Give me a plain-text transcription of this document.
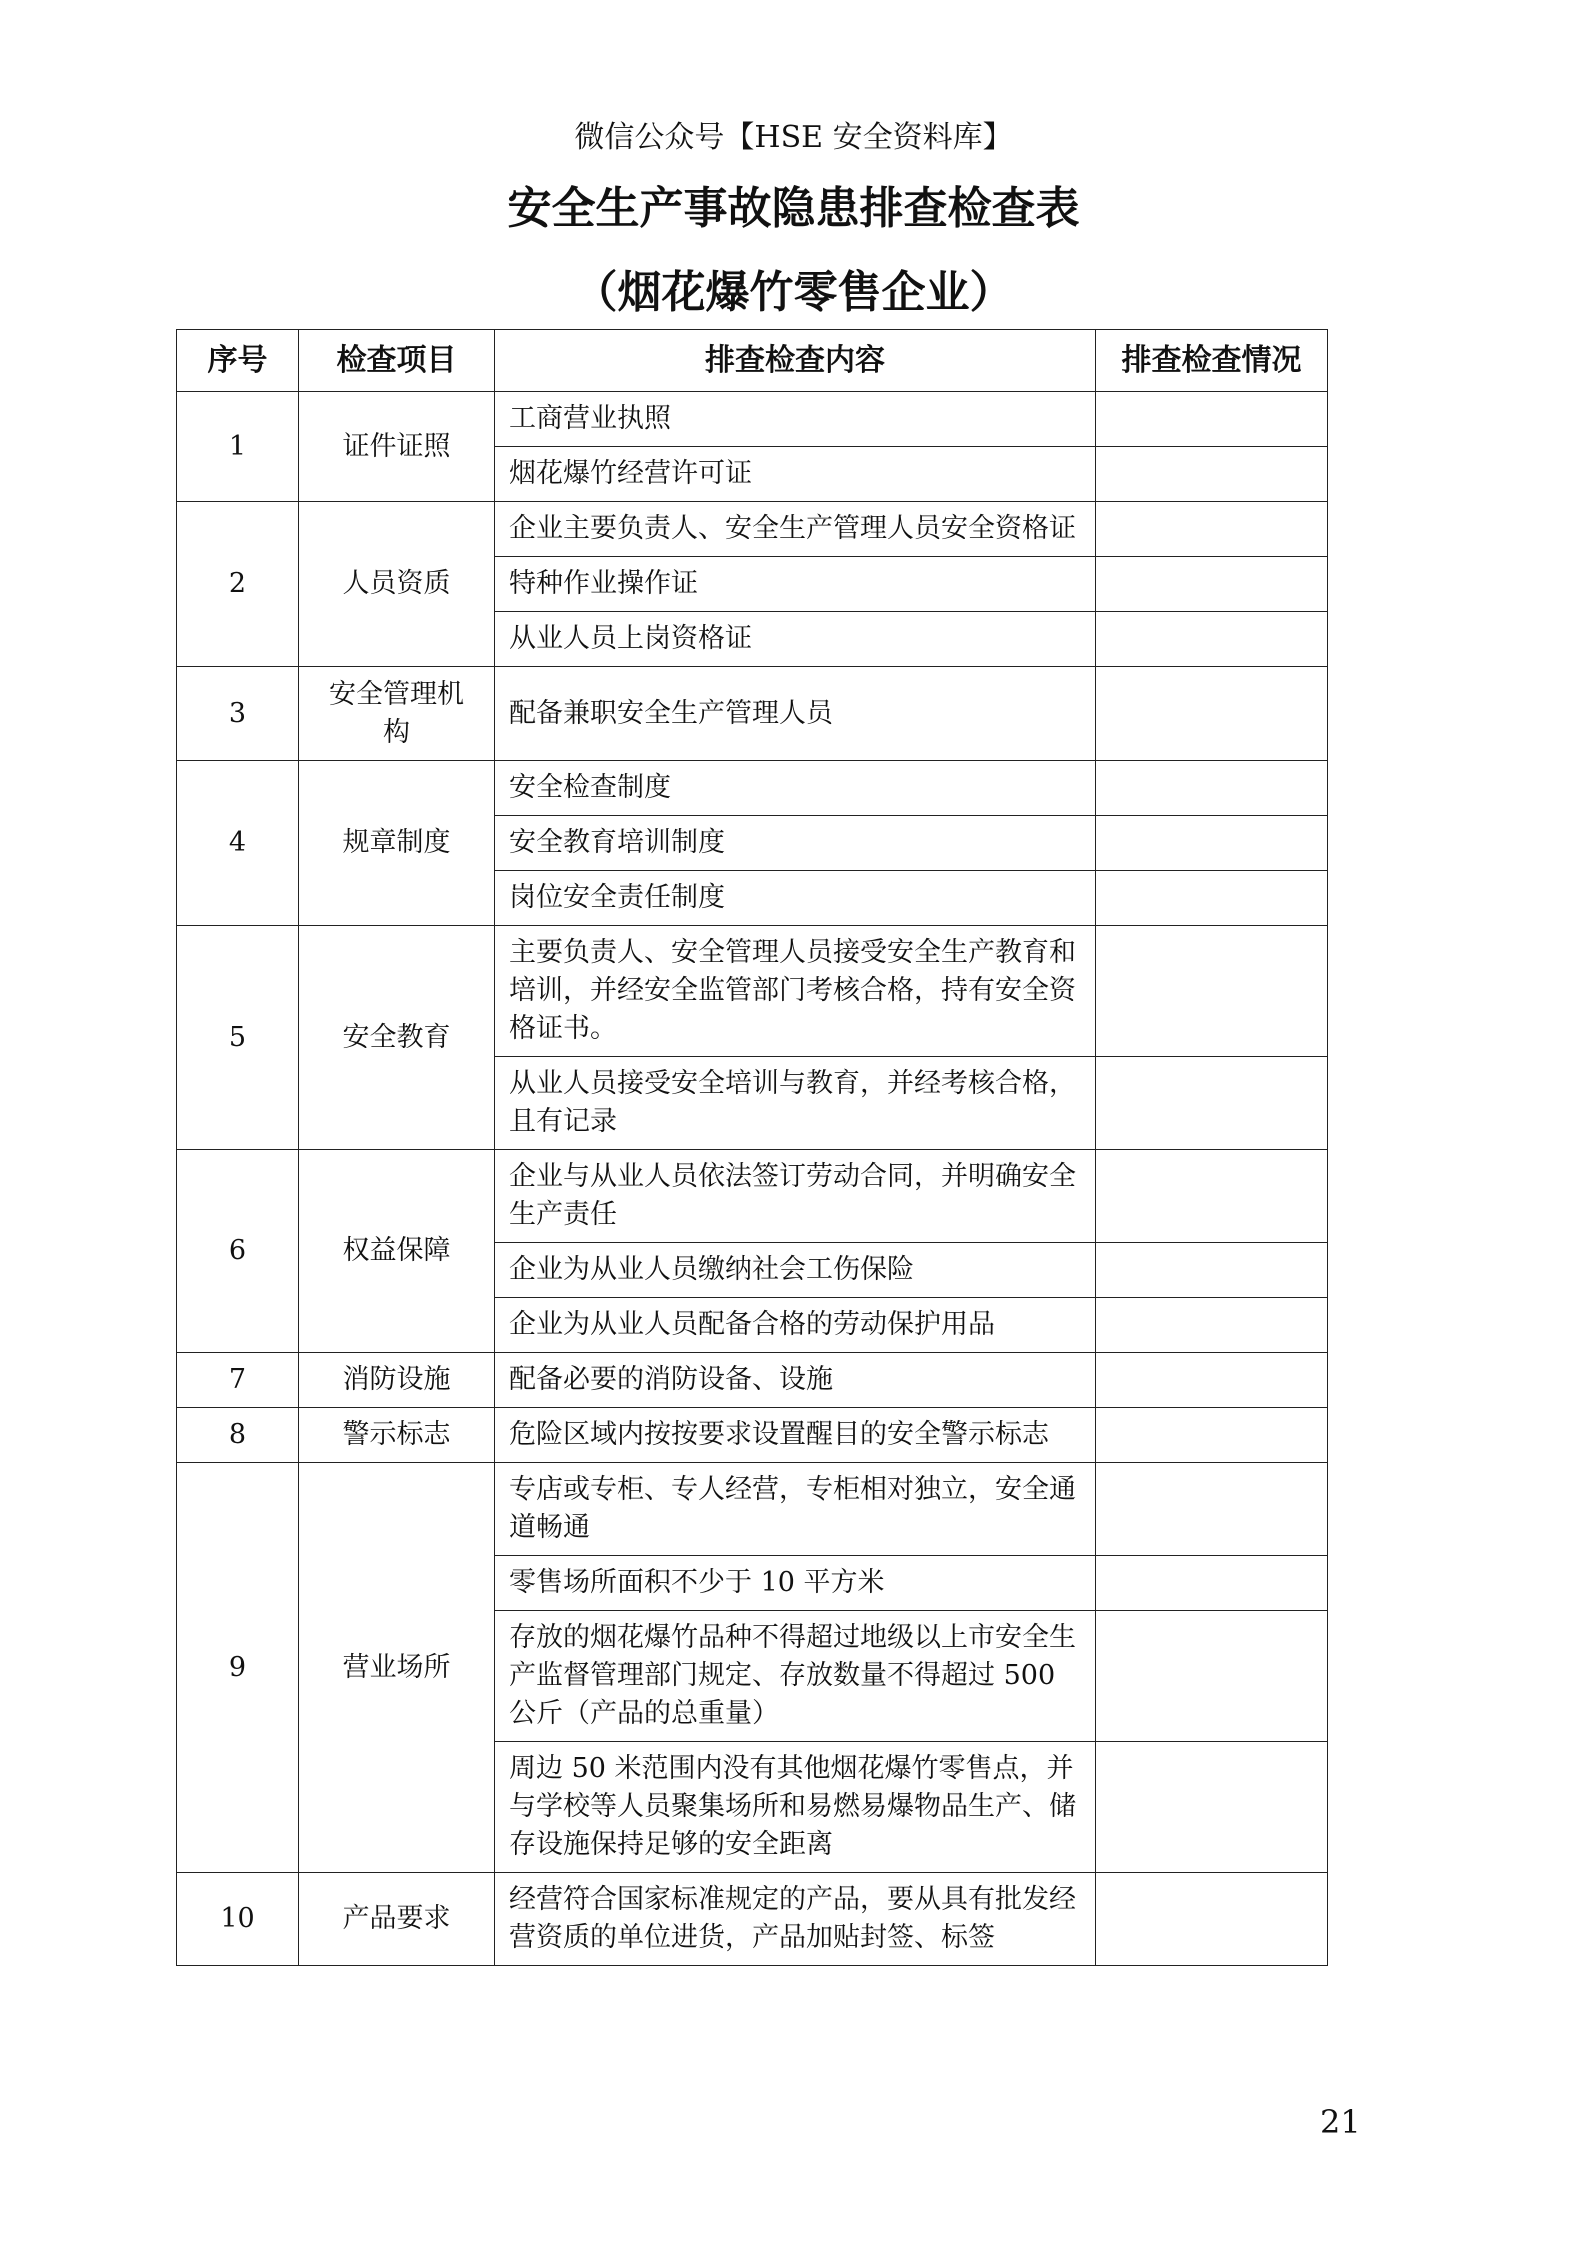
微信公众号【HSE 安全资料库】
安全生产事故隐患排查检查表
（烟花爆竹零售企业）
序号	检查项目	排查检查内容	排查检查情况
1	证件证照	工商营业执照	
		烟花爆竹经营许可证	
2	人员资质	企业主要负责人、安全生产管理人员安全资格证	
		特种作业操作证	
		从业人员上岗资格证	
3	安全管理机构	配备兼职安全生产管理人员	
4	规章制度	安全检查制度	
		安全教育培训制度	
		岗位安全责任制度	
5	安全教育	主要负责人、安全管理人员接受安全生产教育和培训，并经安全监管部门考核合格，持有安全资格证书。	
		从业人员接受安全培训与教育，并经考核合格，且有记录	
6	权益保障	企业与从业人员依法签订劳动合同，并明确安全生产责任	
		企业为从业人员缴纳社会工伤保险	
		企业为从业人员配备合格的劳动保护用品	
7	消防设施	配备必要的消防设备、设施	
8	警示标志	危险区域内按按要求设置醒目的安全警示标志	
9	营业场所	专店或专柜、专人经营，专柜相对独立，安全通道畅通	
		零售场所面积不少于 10 平方米	
		存放的烟花爆竹品种不得超过地级以上市安全生产监督管理部门规定、存放数量不得超过 500 公斤（产品的总重量）	
		周边 50 米范围内没有其他烟花爆竹零售点，并与学校等人员聚集场所和易燃易爆物品生产、储存设施保持足够的安全距离	
10	产品要求	经营符合国家标准规定的产品，要从具有批发经营资质的单位进货，产品加贴封签、标签	
21
